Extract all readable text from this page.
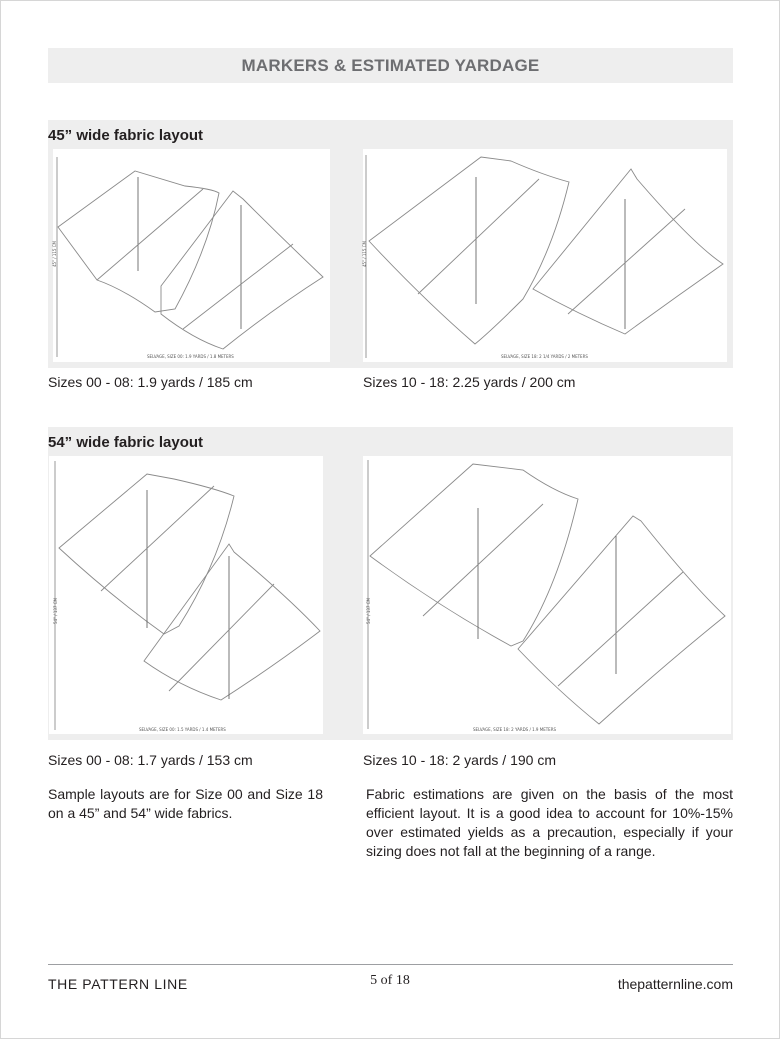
MARKERS & ESTIMATED YARDAGE
45” wide fabric layout
45" / 115 CM
SELVAGE, SIZE 00: 1.9 YARDS / 1.8 METERS
45" / 115 CM
SELVAGE, SIZE 18: 2 1/4 YARDS / 2 METERS
Sizes 00 - 08: 1.9 yards / 185 cm	Sizes 10 - 18: 2.25 yards / 200 cm
54” wide fabric layout
54" / 137 CM
SELVAGE, SIZE 00: 1.5 YARDS / 1.4 METERS
54" / 137 CM
SELVAGE, SIZE 18: 2 YARDS / 1.9 METERS
Sizes 00 - 08: 1.7 yards / 153 cm	Sizes 10 - 18: 2 yards / 190 cm

Sample layouts are for Size 00 and Size 18 on a 45” and 54” wide fabrics.

Fabric estimations are given on the basis of the most efficient layout. It is a good idea to account for 10%-15% over estimated yields as a precaution, especially if your sizing does not fall at the beginning of a range.

THE PATTERN LINE	5 of 18	thepatternline.com
